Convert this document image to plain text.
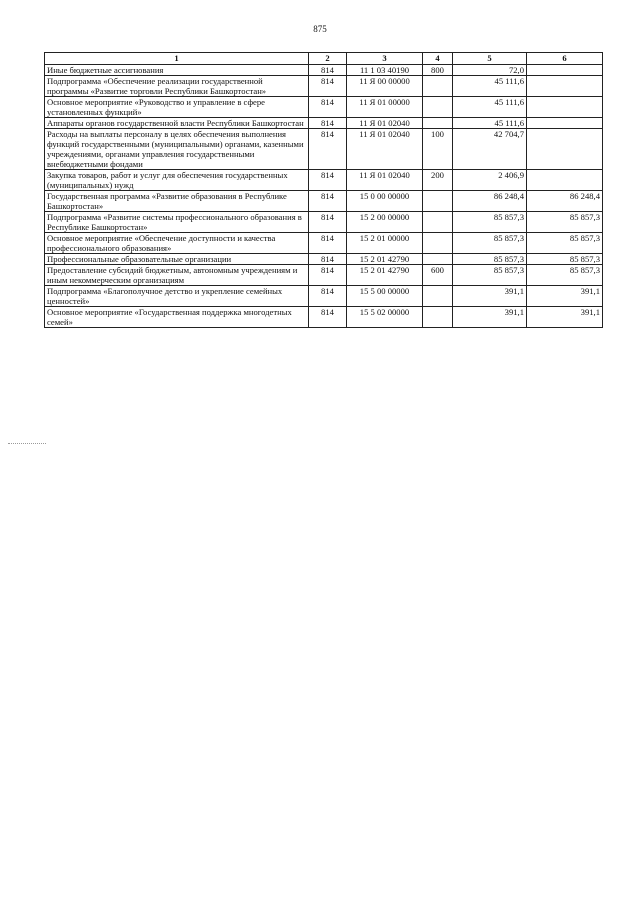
875
1	2	3	4	5	6
Иные бюджетные ассигнования	814	11 1 03 40190	800	72,0	
Подпрограмма «Обеспечение реализации государственной программы «Развитие торговли Республики Башкортостан»	814	11 Я 00 00000		45 111,6	
Основное мероприятие «Руководство и управление в сфере установленных функций»	814	11 Я 01 00000		45 111,6	
Аппараты органов государственной власти Республики Башкортостан	814	11 Я 01 02040		45 111,6	
Расходы на выплаты персоналу в целях обеспечения выполнения функций государственными (муниципальными) органами, казенными учреждениями, органами управления государственными внебюджетными фондами	814	11 Я 01 02040	100	42 704,7	
Закупка товаров, работ и услуг для обеспечения государственных (муниципальных) нужд	814	11 Я 01 02040	200	2 406,9	
Государственная программа «Развитие образования в Республике Башкортостан»	814	15 0 00 00000		86 248,4	86 248,4
Подпрограмма «Развитие системы профессионального образования в Республике Башкортостан»	814	15 2 00 00000		85 857,3	85 857,3
Основное мероприятие «Обеспечение доступности и качества профессионального образования»	814	15 2 01 00000		85 857,3	85 857,3
Профессиональные образовательные организации	814	15 2 01 42790		85 857,3	85 857,3
Предоставление субсидий бюджетным, автономным учреждениям и иным некоммерческим организациям	814	15 2 01 42790	600	85 857,3	85 857,3
Подпрограмма «Благополучное детство и укрепление семейных ценностей»	814	15 5 00 00000		391,1	391,1
Основное мероприятие «Государственная поддержка многодетных семей»	814	15 5 02 00000		391,1	391,1
